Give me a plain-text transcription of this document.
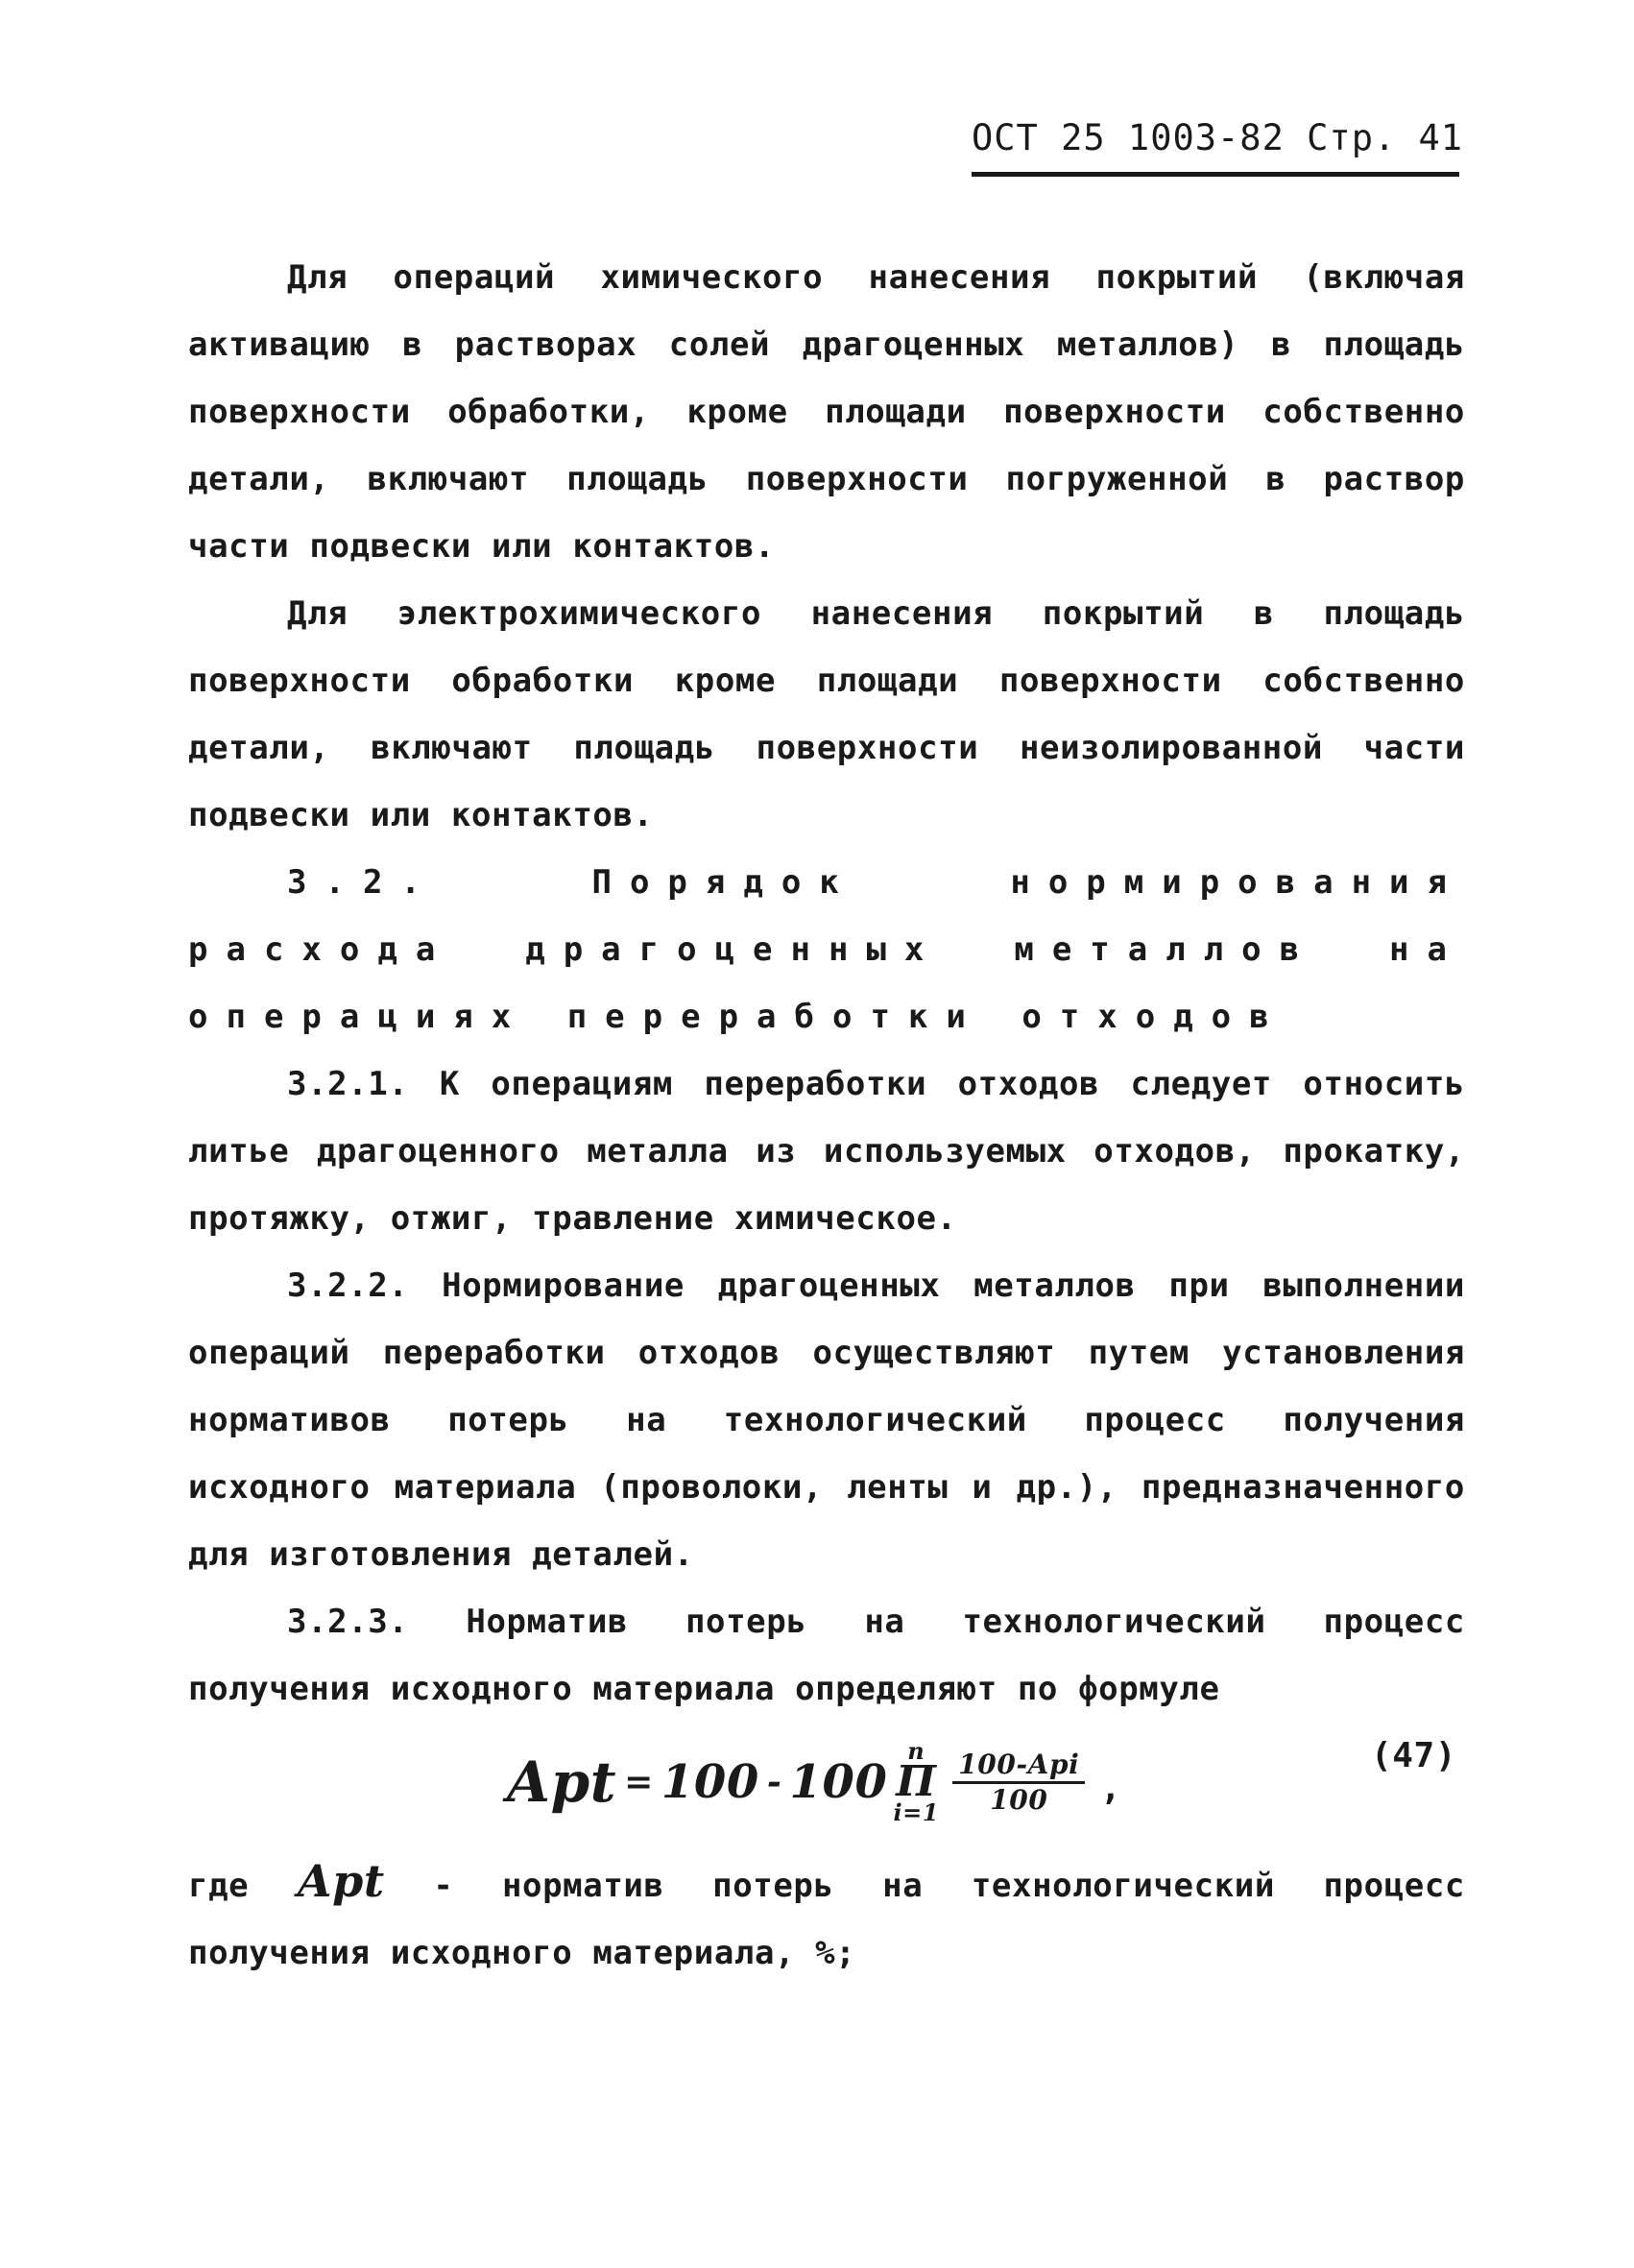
ОСТ 25 1003-82 Стр. 41

Для операций химического нанесения покрытий (включая активацию в растворах солей драгоценных металлов) в площадь поверхности обработки, кроме площади поверхности собственно детали, включают площадь поверхности погруженной в раствор части подвески или контактов.

Для электрохимического нанесения покрытий в площадь поверхности обработки кроме площади поверхности собственно детали, включают площадь поверхности неизолированной части подвески или контактов.

3.2. Порядок нормирования расхода драгоценных металлов на операциях переработки отходов

3.2.1. К операциям переработки отходов следует относить литье драгоценного металла из используемых отходов, прокатку, протяжку, отжиг, травление химическое.

3.2.2. Нормирование драгоценных металлов при выполнении операций переработки отходов осуществляют путем установления нормативов потерь на технологический процесс получения исходного материала (проволоки, ленты и др.), предназначенного для изготовления деталей.

3.2.3. Норматив потерь на технологический процесс получения исходного материала определяют по формуле

Apt = 100 - 100
n
Π
$i=1 \frac{\text{100-Api}}{100}$ ,
(47)

где Apt - норматив потерь на технологический процесс получения исходного материала, %;
